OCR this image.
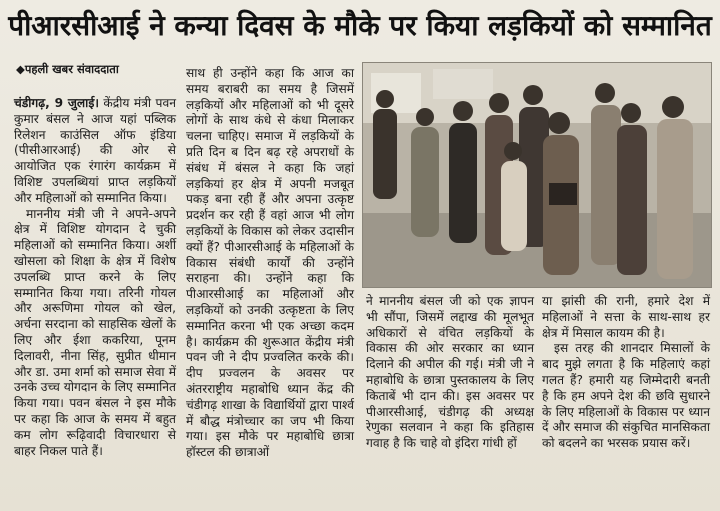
पीआरसीआई ने कन्या दिवस के मौके पर किया लड़कियों को सम्मानित
◆पहली खबर संवाददाता

चंडीगढ़, 9 जुलाई। केंद्रीय मंत्री पवन कुमार बंसल ने आज यहां पब्लिक रिलेशन काउंसिल ऑफ इंडिया (पीसीआरआई) की ओर से आयोजित एक रंगारंग कार्यक्रम में विशिष्ट उपलब्धियां प्राप्त लड़कियों और महिलाओं को सम्मानित किया।

माननीय मंत्री जी ने अपने-अपने क्षेत्र में विशिष्ट योगदान दे चुकी महिलाओं को सम्मानित किया। अर्शी खोसला को शिक्षा के क्षेत्र में विशेष उपलब्धि प्राप्त करने के लिए सम्मानित किया गया। तरिनी गोयल और अरूणिमा गोयल को खेल, अर्चना सरदाना को साहसिक खेलों के लिए और ईशा ककरिया, पूनम दिलावरी, नीना सिंह, सुप्रीत धीमान और डा. उमा शर्मा को समाज सेवा में उनके उच्च योगदान के लिए सम्मानित किया गया। पवन बंसल ने इस मौके पर कहा कि आज के समय में बहुत कम लोग रूढ़िवादी विचारधारा से बाहर निकल पाते हैं।

साथ ही उन्होंने कहा कि आज का समय बराबरी का समय है जिसमें लड़कियों और महिलाओं को भी दूसरे लोगों के साथ कंधे से कंधा मिलाकर चलना चाहिए। समाज में लड़कियों के प्रति दिन ब दिन बढ़ रहे अपराधों के संबंध में बंसल ने कहा कि जहां लड़कियां हर क्षेत्र में अपनी मजबूत पकड़ बना रही हैं और अपना उत्कृष्ट प्रदर्शन कर रही हैं वहां आज भी लोग लड़कियों के विकास को लेकर उदासीन क्यों हैं? पीआरसीआई के महिलाओं के विकास संबंधी कार्यों की उन्होंने सराहना की। उन्होंने कहा कि पीआरसीआई का महिलाओं और लड़कियों को उनकी उत्कृष्टता के लिए सम्मानित करना भी एक अच्छा कदम है। कार्यक्रम की शुरूआत केंद्रीय मंत्री पवन जी ने दीप प्रज्वलित करके की। दीप प्रज्वलन के अवसर पर अंतरराष्ट्रीय महाबोधि ध्यान केंद्र की चंडीगढ़ शाखा के विद्यार्थियों द्वारा पार्श्व में बौद्ध मंत्रोच्चार का जप भी किया गया। इस मौके पर महाबोधि छात्रा हॉस्टल की छात्राओं

ने माननीय बंसल जी को एक ज्ञापन भी सौंपा, जिसमें लद्दाख की मूलभूत अधिकारों से वंचित लड़कियों के विकास की ओर सरकार का ध्यान दिलाने की अपील की गई। मंत्री जी ने महाबोधि के छात्रा पुस्तकालय के लिए किताबें भी दान की। इस अवसर पर पीआरसीआई, चंडीगढ़ की अध्यक्ष रेणुका सलवान ने कहा कि इतिहास गवाह है कि चाहे वो इंदिरा गांधी हों

या झांसी की रानी, हमारे देश में महिलाओं ने सत्ता के साथ-साथ हर क्षेत्र में मिसाल कायम की है।

इस तरह की शानदार मिसालों के बाद मुझे लगता है कि महिलाएं कहां गलत हैं? हमारी यह जिम्मेदारी बनती है कि हम अपने देश की छवि सुधारने के लिए महिलाओं के विकास पर ध्यान दें और समाज की संकुचित मानसिकता को बदलने का भरसक प्रयास करें।
